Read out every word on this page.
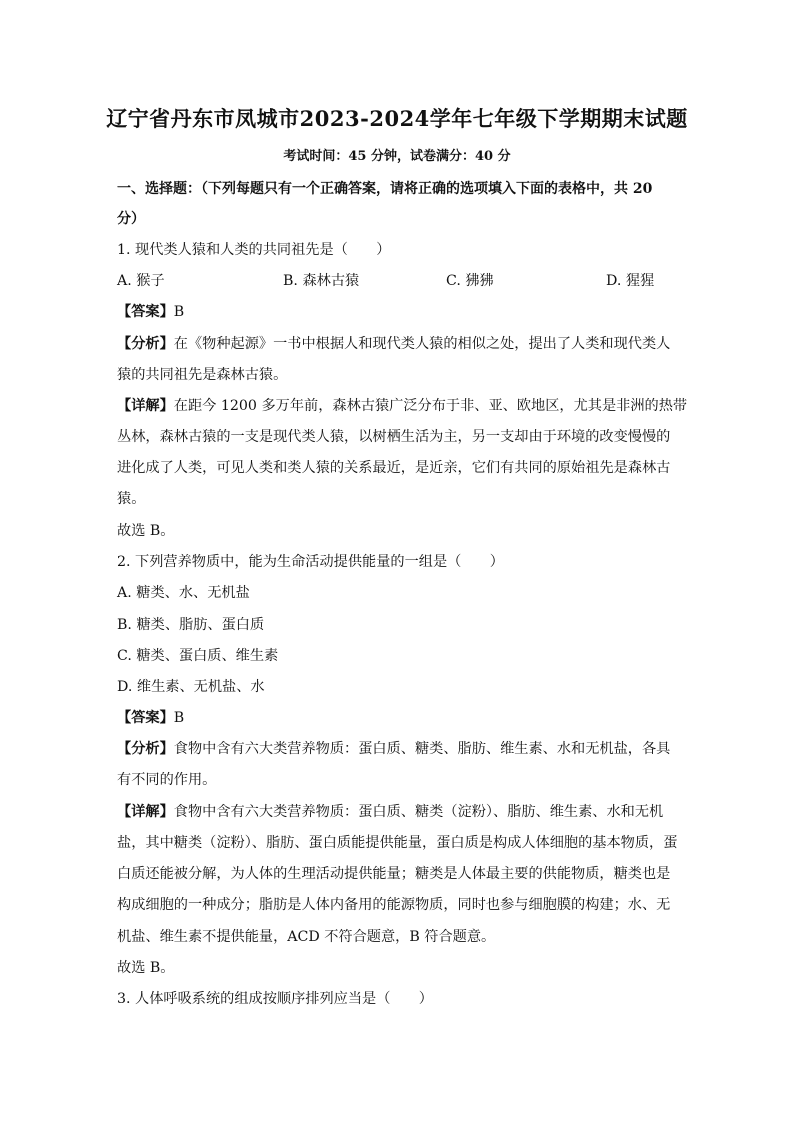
辽宁省丹东市凤城市2023-2024学年七年级下学期期末试题
考试时间：45 分钟，试卷满分：40 分
一、选择题：（下列每题只有一个正确答案，请将正确的选项填入下面的表格中，共 20
分）
1. 现代类人猿和人类的共同祖先是（　　）
A. 猴子	B. 森林古猿	C. 狒狒	D. 猩猩
【答案】B
【分析】在《物种起源》一书中根据人和现代类人猿的相似之处，提出了人类和现代类人
猿的共同祖先是森林古猿。
【详解】在距今 1200 多万年前，森林古猿广泛分布于非、亚、欧地区，尤其是非洲的热带
丛林，森林古猿的一支是现代类人猿，以树栖生活为主，另一支却由于环境的改变慢慢的
进化成了人类，可见人类和类人猿的关系最近，是近亲，它们有共同的原始祖先是森林古
猿。
故选 B。
2. 下列营养物质中，能为生命活动提供能量的一组是（　　）
A. 糖类、水、无机盐
B. 糖类、脂肪、蛋白质
C. 糖类、蛋白质、维生素
D. 维生素、无机盐、水
【答案】B
【分析】食物中含有六大类营养物质：蛋白质、糖类、脂肪、维生素、水和无机盐，各具
有不同的作用。
【详解】食物中含有六大类营养物质：蛋白质、糖类（淀粉）、脂肪、维生素、水和无机
盐，其中糖类（淀粉）、脂肪、蛋白质能提供能量，蛋白质是构成人体细胞的基本物质，蛋
白质还能被分解，为人体的生理活动提供能量；糖类是人体最主要的供能物质，糖类也是
构成细胞的一种成分；脂肪是人体内备用的能源物质，同时也参与细胞膜的构建；水、无
机盐、维生素不提供能量，ACD 不符合题意，B 符合题意。
故选 B。
3. 人体呼吸系统的组成按顺序排列应当是（　　）
